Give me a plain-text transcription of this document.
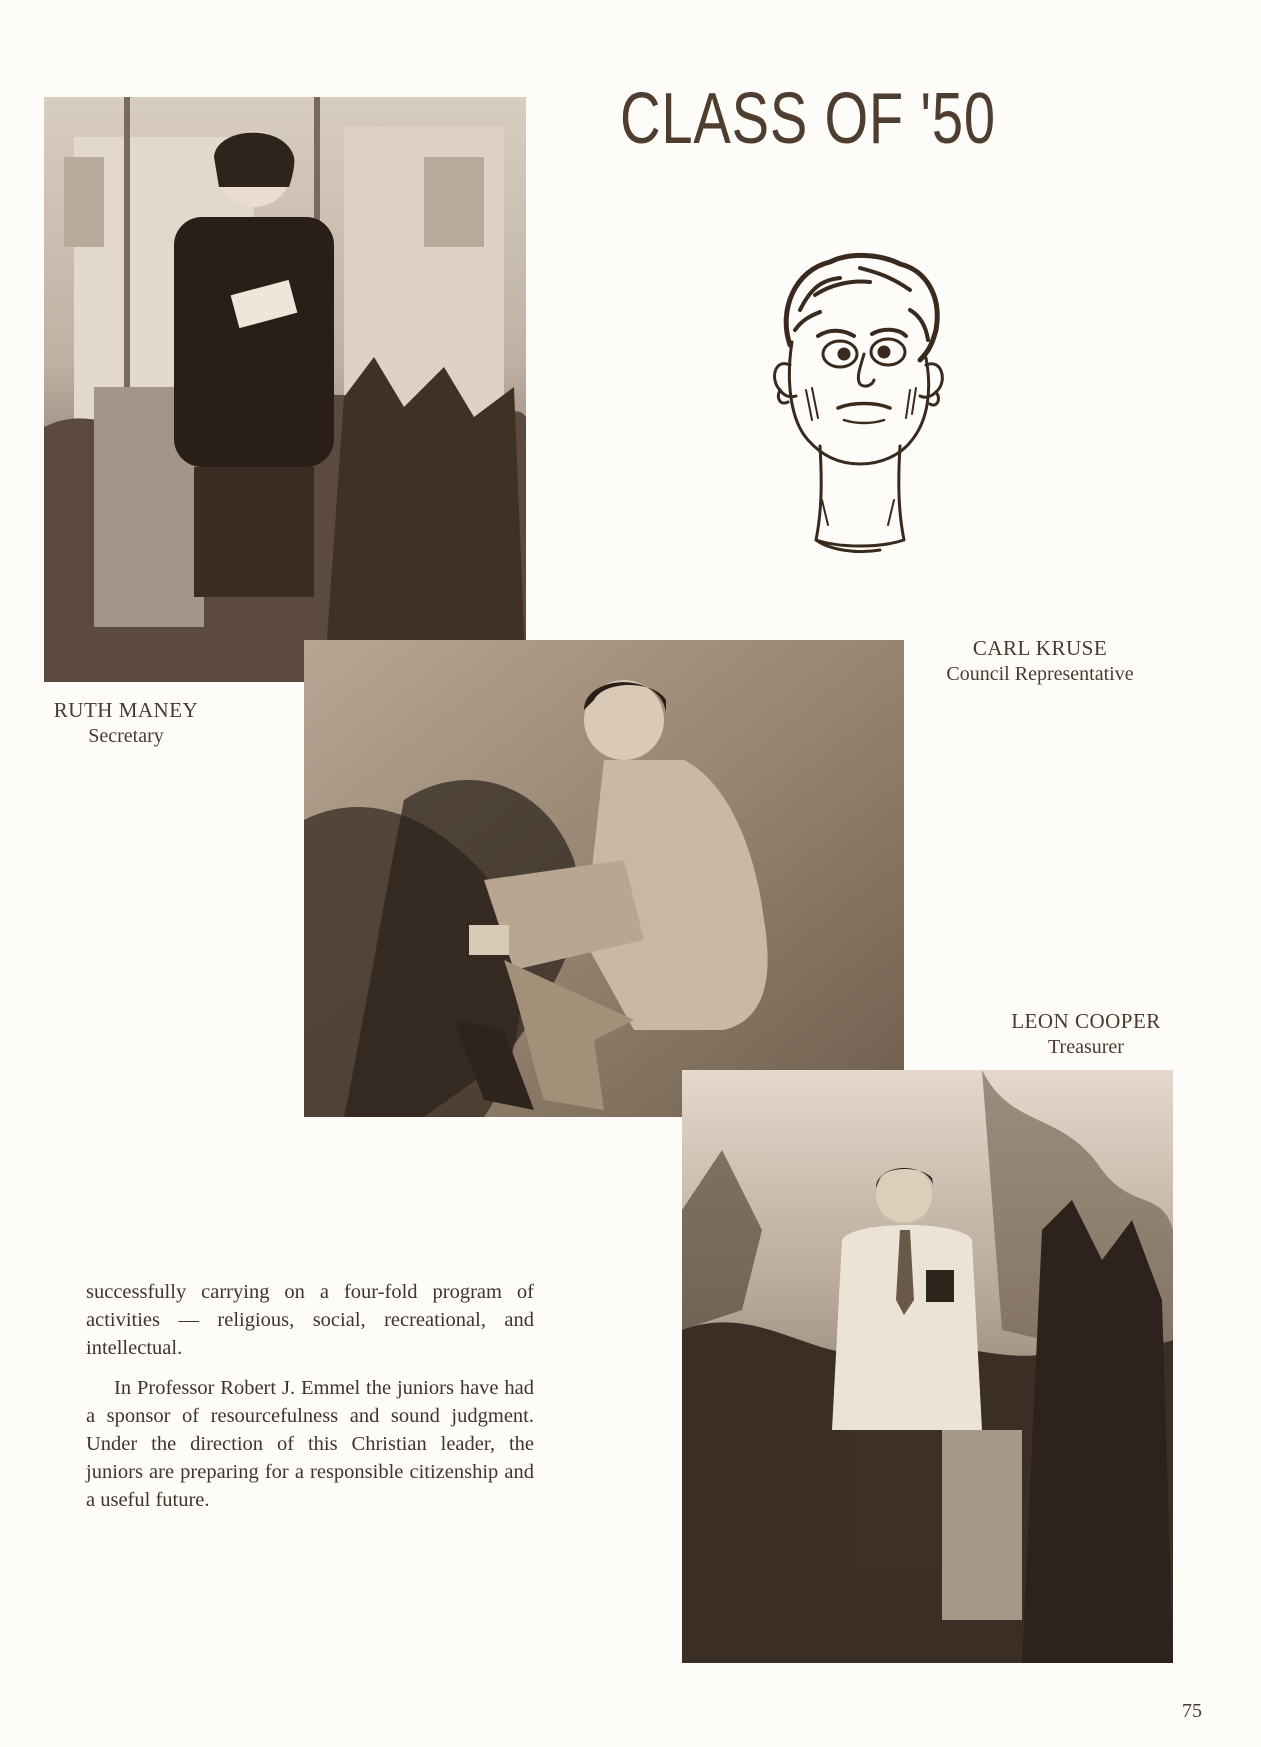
CLASS OF '50
RUTH MANEY
Secretary
CARL KRUSE
Council Representative
LEON COOPER
Treasurer

successfully carrying on a four-fold program of activities — religious, social, recreational, and intellectual.

In Professor Robert J. Emmel the juniors have had a sponsor of resourcefulness and sound judgment. Under the direction of this Christian leader, the juniors are preparing for a responsible citizenship and a useful future.

75
